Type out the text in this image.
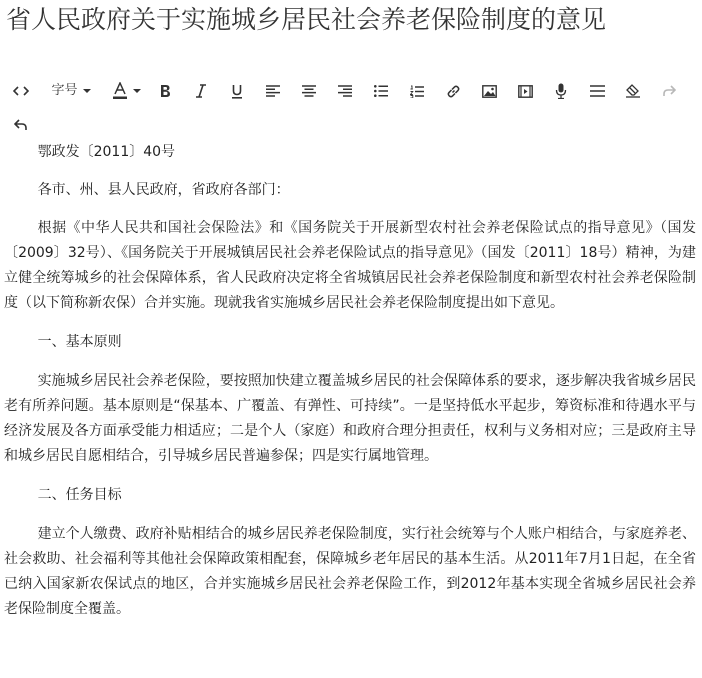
省人民政府关于实施城乡居民社会养老保险制度的意见
字号

鄂政发〔2011〕40号

各市、州、县人民政府，省政府各部门：

根据《中华人民共和国社会保险法》和《国务院关于开展新型农村社会养老保险试点的指导意见》（国发〔2009〕32号）、《国务院关于开展城镇居民社会养老保险试点的指导意见》（国发〔2011〕18号）精神，为建立健全统筹城乡的社会保障体系，省人民政府决定将全省城镇居民社会养老保险制度和新型农村社会养老保险制度（以下简称新农保）合并实施。现就我省实施城乡居民社会养老保险制度提出如下意见。

一、基本原则

实施城乡居民社会养老保险，要按照加快建立覆盖城乡居民的社会保障体系的要求，逐步解决我省城乡居民老有所养问题。基本原则是“保基本、广覆盖、有弹性、可持续”。一是坚持低水平起步，筹资标准和待遇水平与经济发展及各方面承受能力相适应；二是个人（家庭）和政府合理分担责任，权利与义务相对应；三是政府主导和城乡居民自愿相结合，引导城乡居民普遍参保；四是实行属地管理。

二、任务目标

建立个人缴费、政府补贴相结合的城乡居民养老保险制度，实行社会统筹与个人账户相结合，与家庭养老、社会救助、社会福利等其他社会保障政策相配套，保障城乡老年居民的基本生活。从2011年7月1日起，在全省已纳入国家新农保试点的地区，合并实施城乡居民社会养老保险工作，到2012年基本实现全省城乡居民社会养老保险制度全覆盖。
